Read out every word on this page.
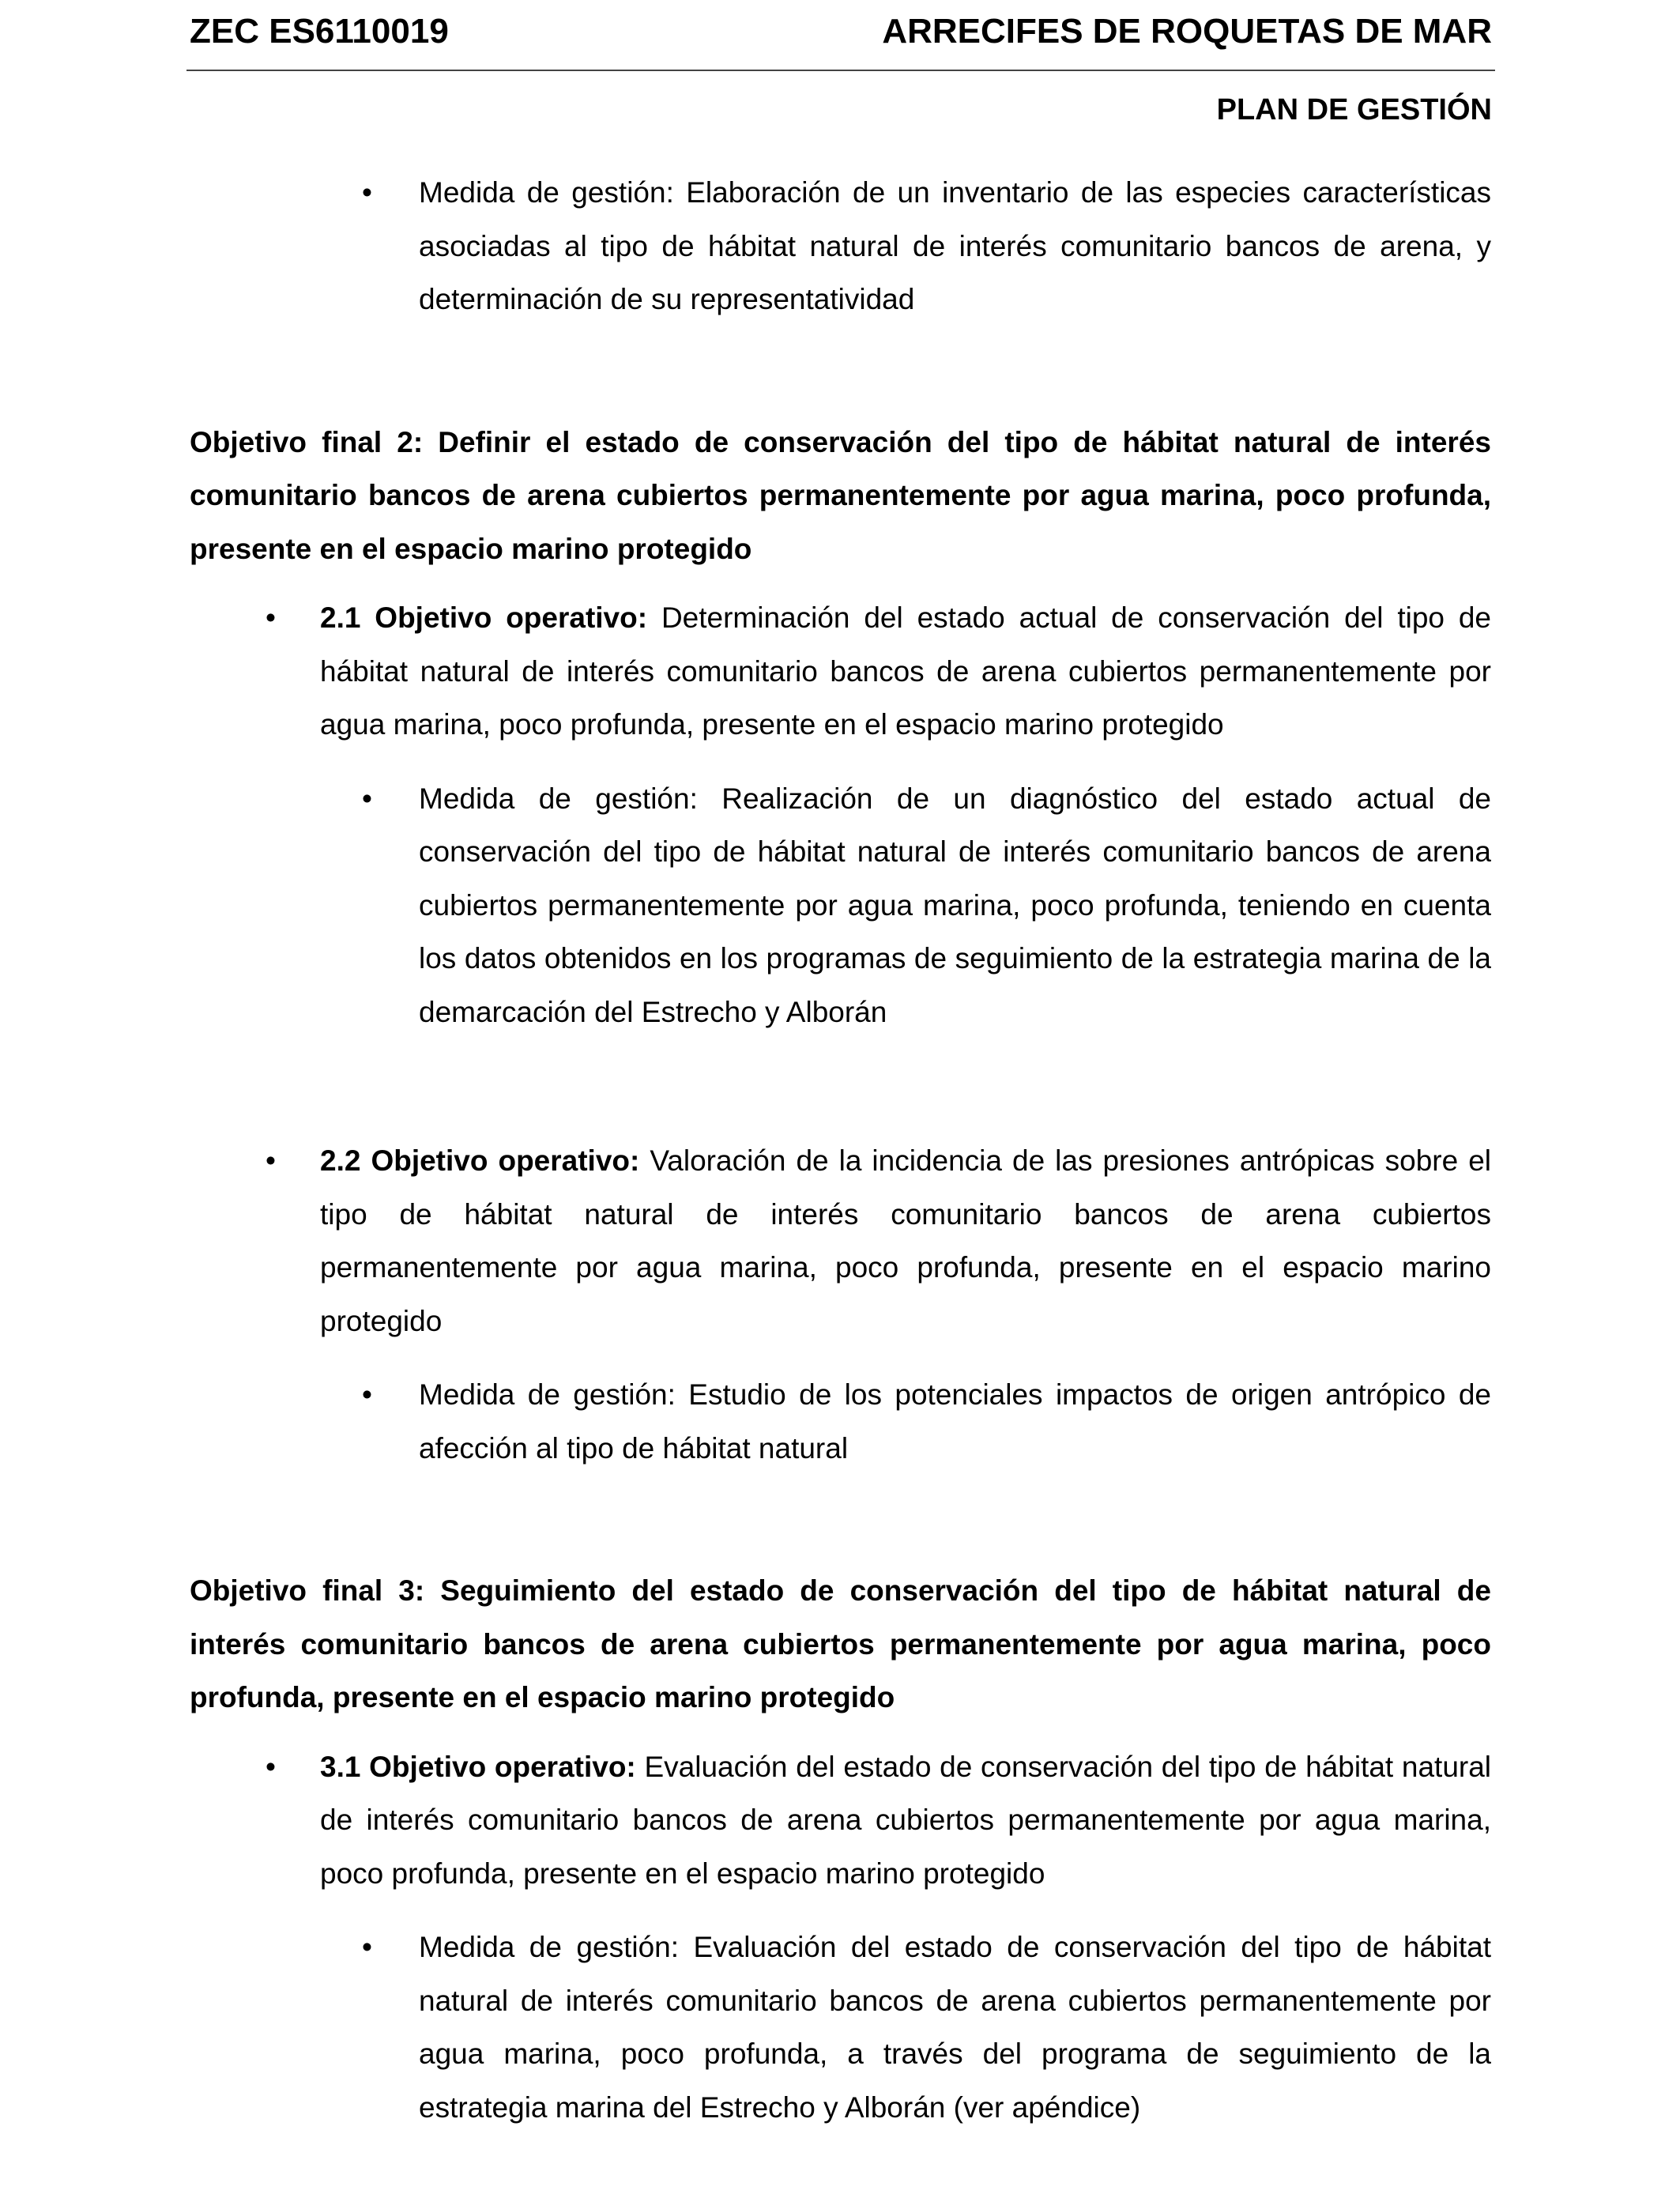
ZEC ES6110019	ARRECIFES DE ROQUETAS DE MAR
PLAN DE GESTIÓN

• Medida de gestión: Elaboración de un inventario de las especies características asociadas al tipo de hábitat natural de interés comunitario bancos de arena, y determinación de su representatividad

Objetivo final 2: Definir el estado de conservación del tipo de hábitat natural de interés comunitario bancos de arena cubiertos permanentemente por agua marina, poco profunda, presente en el espacio marino protegido

• 2.1 Objetivo operativo: Determinación del estado actual de conservación del tipo de hábitat natural de interés comunitario bancos de arena cubiertos permanentemente por agua marina, poco profunda, presente en el espacio marino protegido

• Medida de gestión: Realización de un diagnóstico del estado actual de conservación del tipo de hábitat natural de interés comunitario bancos de arena cubiertos permanentemente por agua marina, poco profunda, teniendo en cuenta los datos obtenidos en los programas de seguimiento de la estrategia marina de la demarcación del Estrecho y Alborán

• 2.2 Objetivo operativo: Valoración de la incidencia de las presiones antrópicas sobre el tipo de hábitat natural de interés comunitario bancos de arena cubiertos permanentemente por agua marina, poco profunda, presente en el espacio marino protegido

• Medida de gestión: Estudio de los potenciales impactos de origen antrópico de afección al tipo de hábitat natural

Objetivo final 3: Seguimiento del estado de conservación del tipo de hábitat natural de interés comunitario bancos de arena cubiertos permanentemente por agua marina, poco profunda, presente en el espacio marino protegido

• 3.1 Objetivo operativo: Evaluación del estado de conservación del tipo de hábitat natural de interés comunitario bancos de arena cubiertos permanentemente por agua marina, poco profunda, presente en el espacio marino protegido

• Medida de gestión: Evaluación del estado de conservación del tipo de hábitat natural de interés comunitario bancos de arena cubiertos permanentemente por agua marina, poco profunda, a través del programa de seguimiento de la estrategia marina del Estrecho y Alborán (ver apéndice)
